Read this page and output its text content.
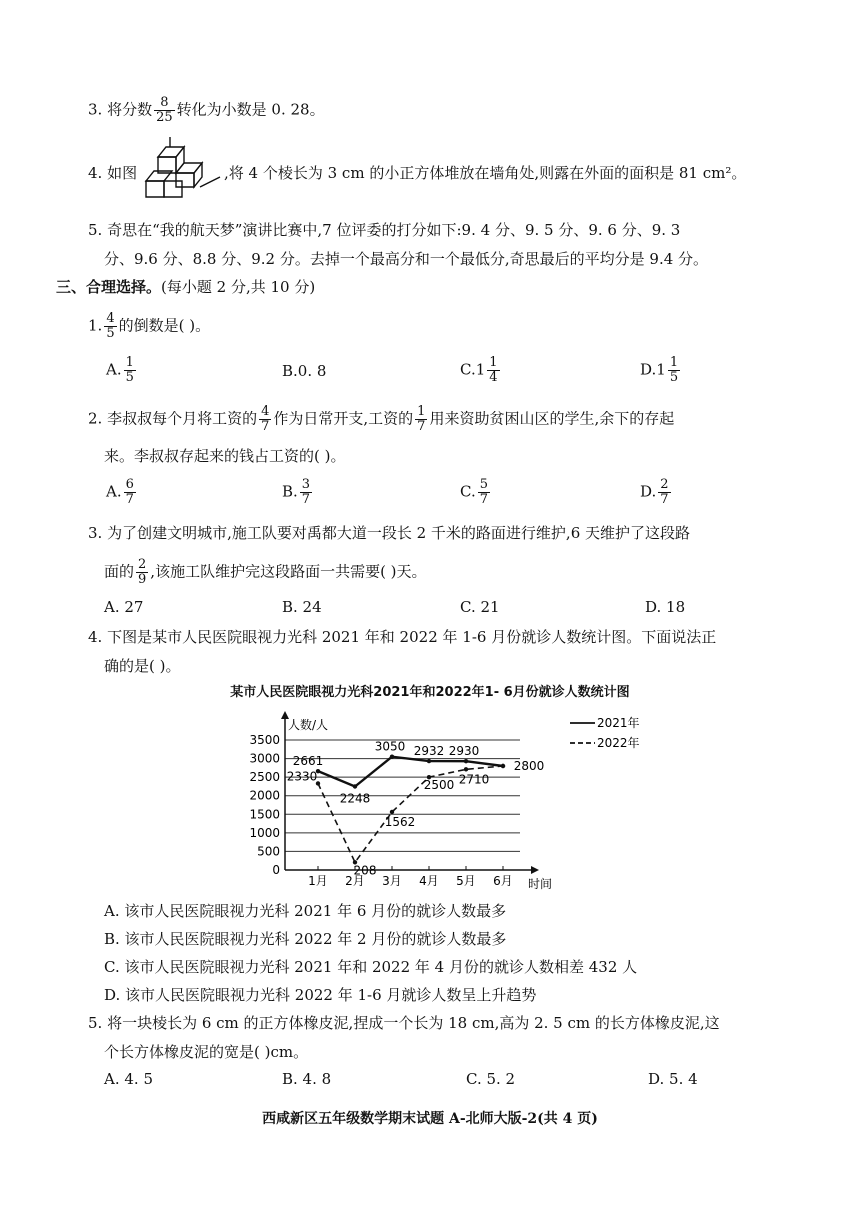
3. 将分数 $\frac{8}{25}$ 转化为小数是 0. 28。
4. 如图	,将 4 个棱长为 3 cm 的小正方体堆放在墙角处,则露在外面的面积是 81 cm²。
5. 奇思在“我的航天梦”演讲比赛中,7 位评委的打分如下:9. 4 分、9. 5 分、9. 6 分、9. 3
分、9.6 分、8.8 分、9.2 分。去掉一个最高分和一个最低分,奇思最后的平均分是 9.4 分。
三、合理选择。(每小题 2 分,共 10 分)
1. $\frac{4}{5}$ 的倒数是( )。
A. $\frac{1}{5}$	B.0. 8	$C.1 \frac{1}{4}$	$D.1 \frac{1}{5}$
2. 李叔叔每个月将工资的 $\frac{4}{7}$ 作为日常开支,工资的 $\frac{1}{7}$ 用来资助贫困山区的学生,余下的存起
来。李叔叔存起来的钱占工资的( )。
A. $\frac{6}{7}$	B. $\frac{3}{7}$	C. $\frac{5}{7}$	D. $\frac{2}{7}$
3. 为了创建文明城市,施工队要对禹都大道一段长 2 千米的路面进行维护,6 天维护了这段路
面的 $\frac{2}{9}$ ,该施工队维护完这段路面一共需要( )天。
A. 27	B. 24	C. 21	D. 18
4. 下图是某市人民医院眼视力光科 2021 年和 2022 年 1-6 月份就诊人数统计图。下面说法正
确的是( )。
某市人民医院眼视力光科2021年和2022年1- 6月份就诊人数统计图
3500
3000
2500
2000
1500
1000
500
0
人数/人
时间
1月 2月 3月 4月 5月 6月
2661
2248
3050 2932 2930
2800
2330
208
1562
2500 2710
2021年
2022年
A. 该市人民医院眼视力光科 2021 年 6 月份的就诊人数最多
B. 该市人民医院眼视力光科 2022 年 2 月份的就诊人数最多
C. 该市人民医院眼视力光科 2021 年和 2022 年 4 月份的就诊人数相差 432 人
D. 该市人民医院眼视力光科 2022 年 1-6 月就诊人数呈上升趋势
5. 将一块棱长为 6 cm 的正方体橡皮泥,捏成一个长为 18 cm,高为 2. 5 cm 的长方体橡皮泥,这
个长方体橡皮泥的宽是( )cm。
A. 4. 5	B. 4. 8	C. 5. 2	D. 5. 4
西咸新区五年级数学期末试题 A-北师大版-2(共 4 页)
